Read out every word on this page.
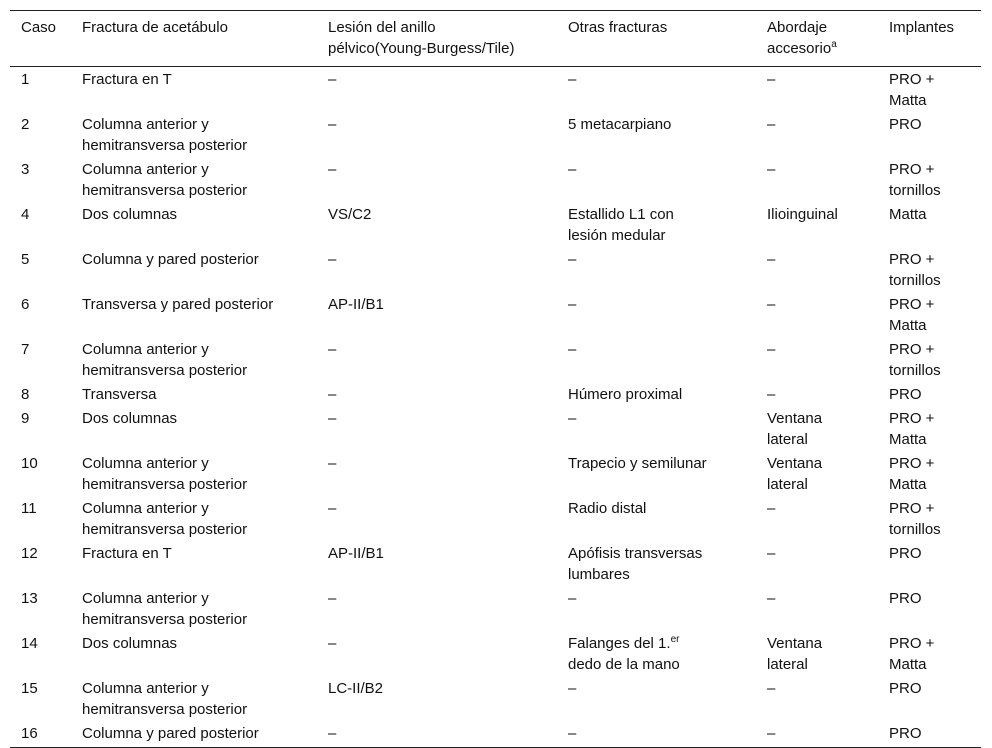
Caso	Fractura de acetábulo	Lesión del anillo
pélvico(Young-Burgess/Tile)	Otras fracturas	Abordaje
accesorio$^a$	Implantes
1	Fractura en T	–	–	–	PRO +
Matta

2	Columna anterior y
hemitransversa posterior	–	5 metacarpiano	–	PRO

3	Columna anterior y
hemitransversa posterior	–	–	–	PRO +
tornillos

4	Dos columnas	VS/C2	Estallido L1 con
lesión medular	Ilioinguinal	Matta

5	Columna y pared posterior	–	–	–	PRO +
tornillos

6	Transversa y pared posterior	AP-II/B1	–	–	PRO +
Matta

7	Columna anterior y
hemitransversa posterior	–	–	–	PRO +
tornillos

8	Transversa	–	Húmero proximal	–	PRO

9	Dos columnas	–	–	Ventana
lateral	PRO +
Matta

10	Columna anterior y
hemitransversa posterior	–	Trapecio y semilunar	Ventana
lateral	PRO +
Matta

11	Columna anterior y
hemitransversa posterior	–	Radio distal	–	PRO +
tornillos

12	Fractura en T	AP-II/B1	Apófisis transversas
lumbares	–	PRO

13	Columna anterior y
hemitransversa posterior	–	–	–	PRO

14	Dos columnas	–	Falanges del 1.$^{er}$
dedo de la mano	Ventana
lateral	PRO +
Matta

15	Columna anterior y
hemitransversa posterior	LC-II/B2	–	–	PRO

16	Columna y pared posterior	–	–	–	PRO
